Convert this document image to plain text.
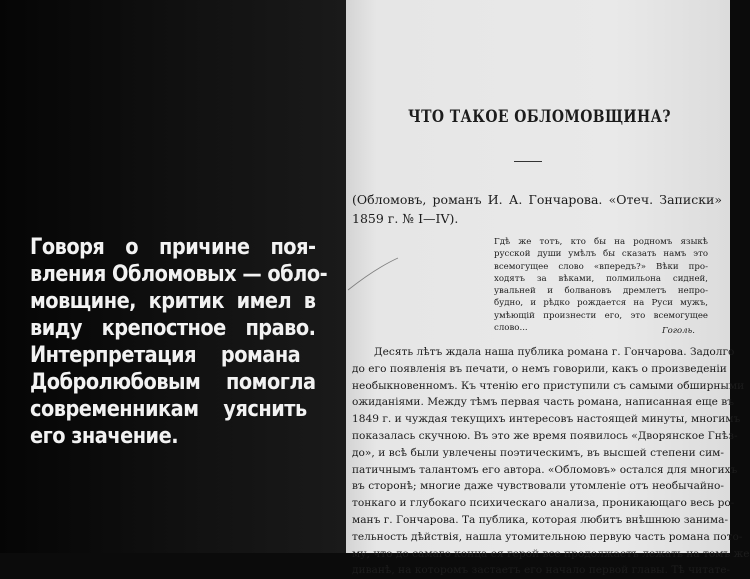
Говоря о причине поя-
вления Обломовых — обло-
мовщине, критик имел в
виду крепостное право.
Интерпретация    романа
Добролюбовым помогла
современникам    уяснить
его значение.
ЧТО ТАКОЕ ОБЛОМОВЩИНА?
(Обломовъ, романъ И. А. Гончарова. «Отеч. Записки»
1859 г. № I—IV).
Гдѣ же тотъ, кто бы на родномъ языкѣ
русской души умѣлъ бы сказать намъ это
всемогущее слово «впередъ?» Вѣки про-
ходятъ за вѣками, полмильона сидней,
увальней и болвановъ дремлетъ непро-
будно, и рѣдко рождается на Руси мужъ,
умѣющій произнести его, это всемогущее
слово...	Гоголь.
Десять лѣтъ ждала наша публика романа г. Гончарова. Задолго
до его появленія въ печати, о немъ говорили, какъ о произведеніи
необыкновенномъ. Къ чтенію его приступили съ самыми обширными
ожиданіями. Между тѣмъ первая часть романа, написанная еще въ
1849 г. и чуждая текущихъ интересовъ настоящей минуты, многимъ
показалась скучною. Въ это же время появилось «Дворянское Гнѣз-
до», и всѣ были увлечены поэтическимъ, въ высшей степени сим-
патичнымъ талантомъ его автора. «Обломовъ» остался для многихъ
въ сторонѣ; многие даже чувствовали утомленіе отъ необычайно-
тонкаго и глубокаго психическаго анализа, проникающаго весь ро-
манъ г. Гончарова. Та публика, которая любитъ внѣшнюю занима-
тельность дѣйствія, нашла утомительною первую часть романа пото-
му, что до самаго конца ея герой все продолжаетъ лежать на томъ же
диванѣ, на которомъ застаетъ его начало первой главы. Тѣ читате-
